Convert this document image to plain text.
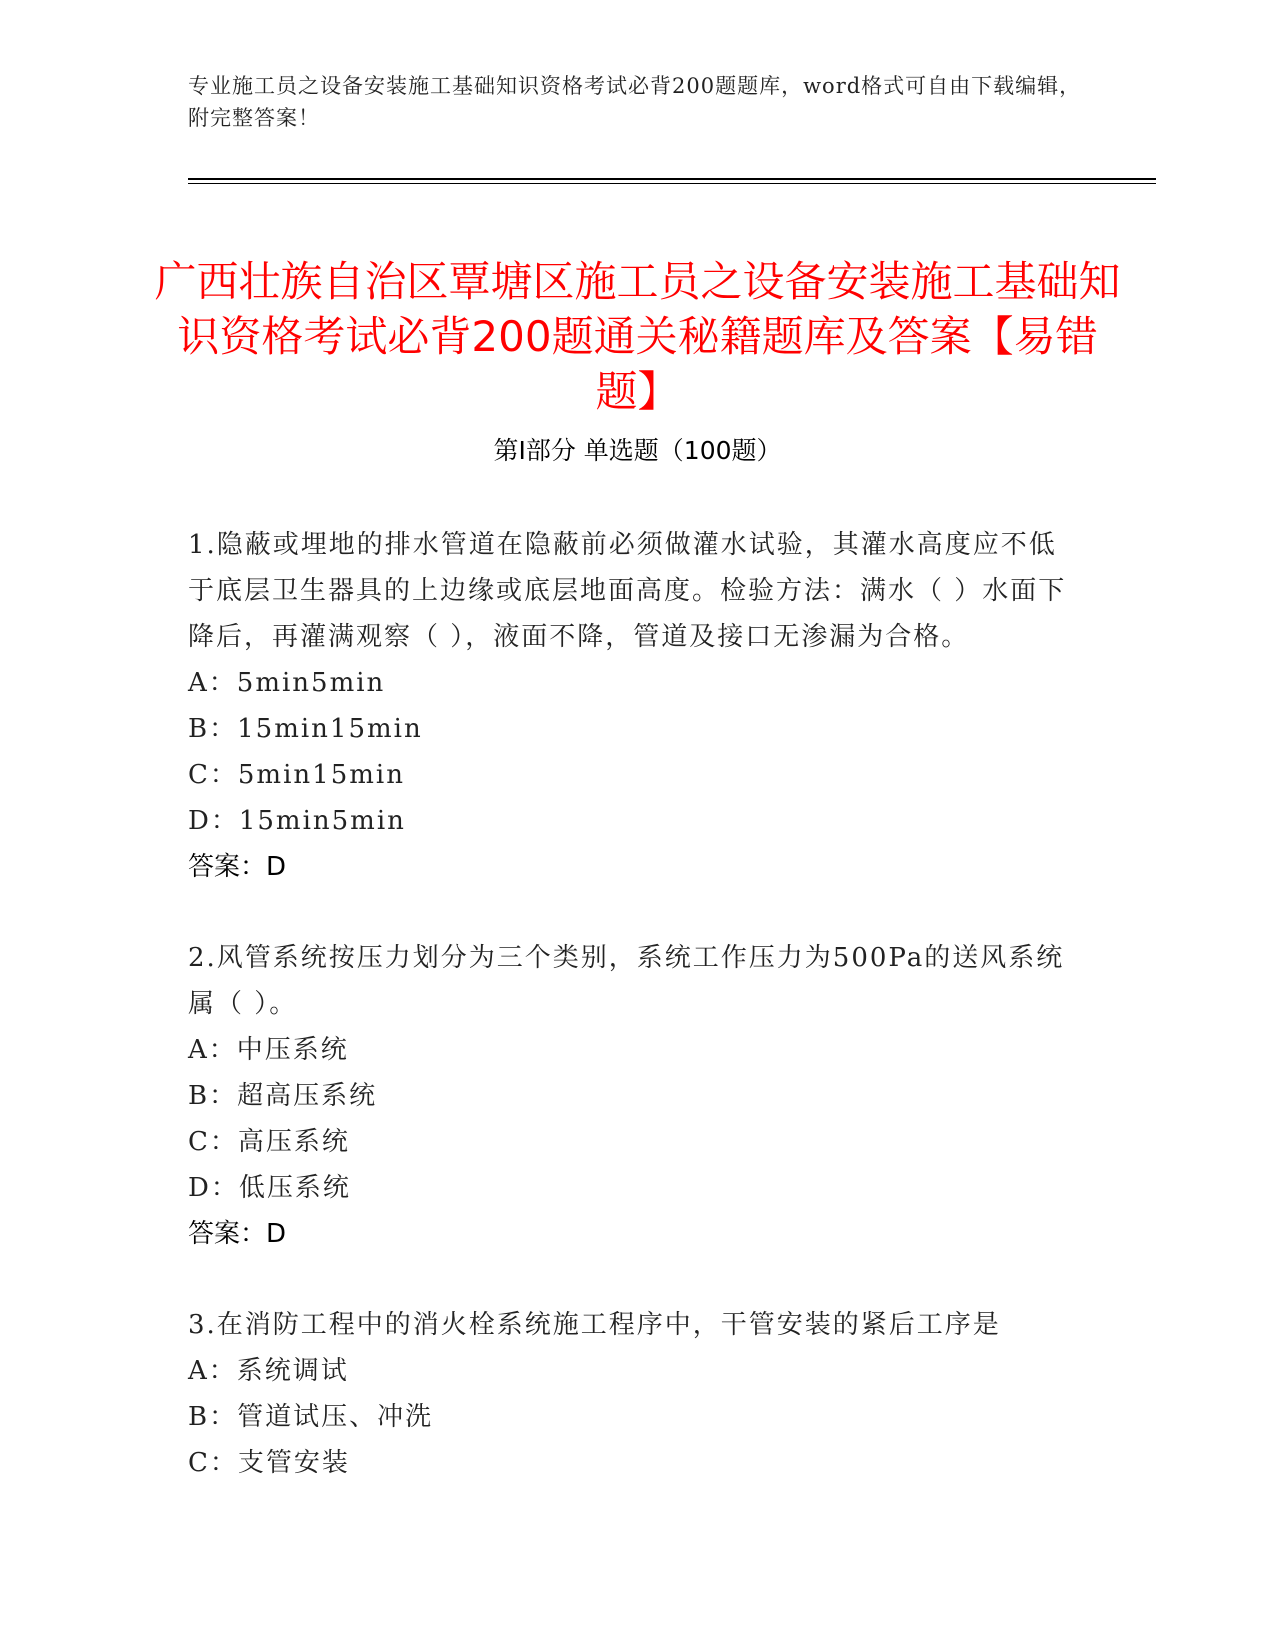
专业施工员之设备安装施工基础知识资格考试必背200题题库，word格式可自由下载编辑，附完整答案！
广西壮族自治区覃塘区施工员之设备安装施工基础知识资格考试必背200题通关秘籍题库及答案【易错题】
第Ⅰ部分 单选题（100题）

1.隐蔽或埋地的排水管道在隐蔽前必须做灌水试验，其灌水高度应不低于底层卫生器具的上边缘或底层地面高度。检验方法：满水（ ）水面下降后，再灌满观察（ ），液面不降，管道及接口无渗漏为合格。

A：5min5min

B：15min15min

C：5min15min

D：15min5min

答案：D

2.风管系统按压力划分为三个类别，系统工作压力为500Pa的送风系统属（ ）。

A：中压系统

B：超高压系统

C：高压系统

D：低压系统

答案：D

3.在消防工程中的消火栓系统施工程序中，干管安装的紧后工序是

A：系统调试

B：管道试压、冲洗

C：支管安装
